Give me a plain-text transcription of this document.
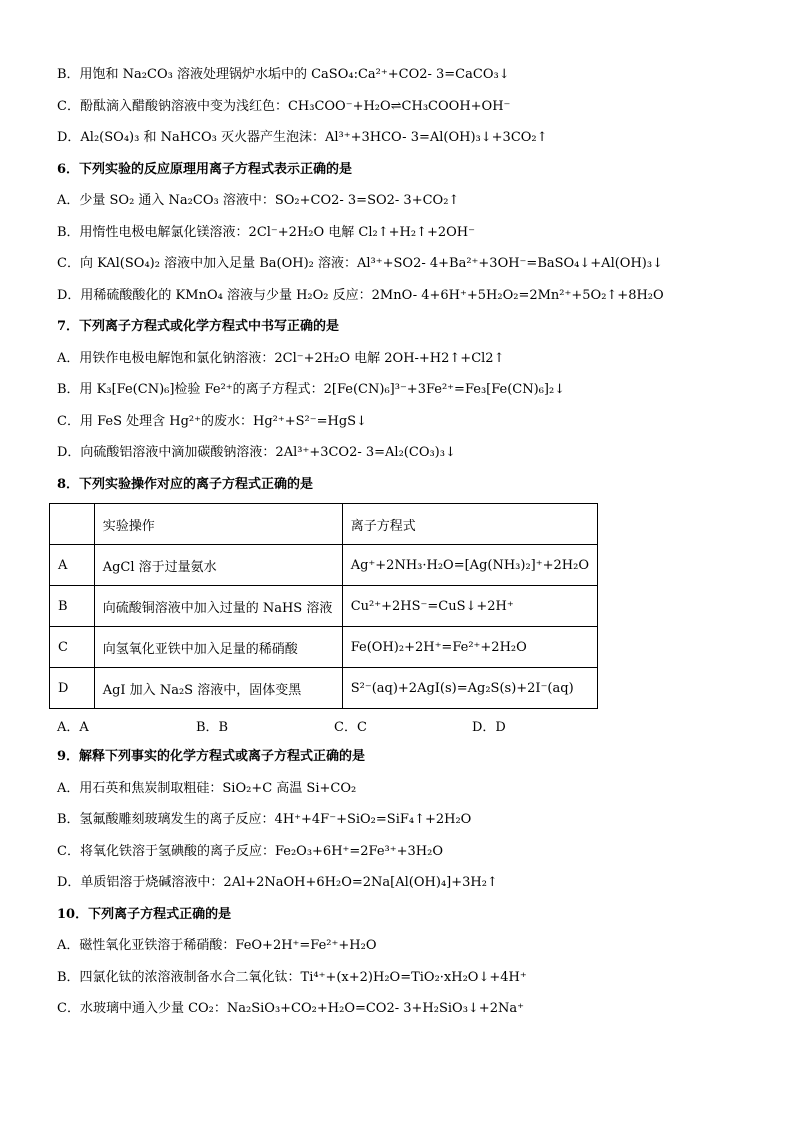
B．用饱和 Na₂CO₃ 溶液处理锅炉水垢中的 CaSO₄:Ca²⁺+CO2- 3=CaCO₃↓
C．酚酞滴入醋酸钠溶液中变为浅红色：CH₃COO⁻+H₂O⇌CH₃COOH+OH⁻
D．Al₂(SO₄)₃ 和 NaHCO₃ 灭火器产生泡沫：Al³⁺+3HCO- 3=Al(OH)₃↓+3CO₂↑
6．下列实验的反应原理用离子方程式表示正确的是
A．少量 SO₂ 通入 Na₂CO₃ 溶液中：SO₂+CO2- 3=SO2- 3+CO₂↑
B．用惰性电极电解氯化镁溶液：2Cl⁻+2H₂O 电解 Cl₂↑+H₂↑+2OH⁻
C．向 KAl(SO₄)₂ 溶液中加入足量 Ba(OH)₂ 溶液：Al³⁺+SO2- 4+Ba²⁺+3OH⁻=BaSO₄↓+Al(OH)₃↓
D．用稀硫酸酸化的 KMnO₄ 溶液与少量 H₂O₂ 反应：2MnO- 4+6H⁺+5H₂O₂=2Mn²⁺+5O₂↑+8H₂O
7．下列离子方程式或化学方程式中书写正确的是
A．用铁作电极电解饱和氯化钠溶液：2Cl⁻+2H₂O 电解 2OH-+H2↑+Cl2↑
B．用 K₃[Fe(CN)₆]检验 Fe²⁺的离子方程式：2[Fe(CN)₆]³⁻+3Fe²⁺=Fe₃[Fe(CN)₆]₂↓
C．用 FeS 处理含 Hg²⁺的废水：Hg²⁺+S²⁻=HgS↓
D．向硫酸铝溶液中滴加碳酸钠溶液：2Al³⁺+3CO2- 3=Al₂(CO₃)₃↓
8．下列实验操作对应的离子方程式正确的是
	实验操作	离子方程式
A	AgCl 溶于过量氨水	Ag⁺+2NH₃·H₂O=[Ag(NH₃)₂]⁺+2H₂O
B	向硫酸铜溶液中加入过量的 NaHS 溶液	Cu²⁺+2HS⁻=CuS↓+2H⁺
C	向氢氧化亚铁中加入足量的稀硝酸	Fe(OH)₂+2H⁺=Fe²⁺+2H₂O
D	AgI 加入 Na₂S 溶液中，固体变黑	S²⁻(aq)+2AgI(s)=Ag₂S(s)+2I⁻(aq)
A．A	B．B	C．C	D．D
9．解释下列事实的化学方程式或离子方程式正确的是
A．用石英和焦炭制取粗硅：SiO₂+C 高温 Si+CO₂
B．氢氟酸雕刻玻璃发生的离子反应：4H⁺+4F⁻+SiO₂=SiF₄↑+2H₂O
C．将氧化铁溶于氢碘酸的离子反应：Fe₂O₃+6H⁺=2Fe³⁺+3H₂O
D．单质铝溶于烧碱溶液中：2Al+2NaOH+6H₂O=2Na[Al(OH)₄]+3H₂↑
10．下列离子方程式正确的是
A．磁性氧化亚铁溶于稀硝酸：FeO+2H⁺=Fe²⁺+H₂O
B．四氯化钛的浓溶液制备水合二氧化钛：Ti⁴⁺+(x+2)H₂O=TiO₂·xH₂O↓+4H⁺
C．水玻璃中通入少量 CO₂：Na₂SiO₃+CO₂+H₂O=CO2- 3+H₂SiO₃↓+2Na⁺
